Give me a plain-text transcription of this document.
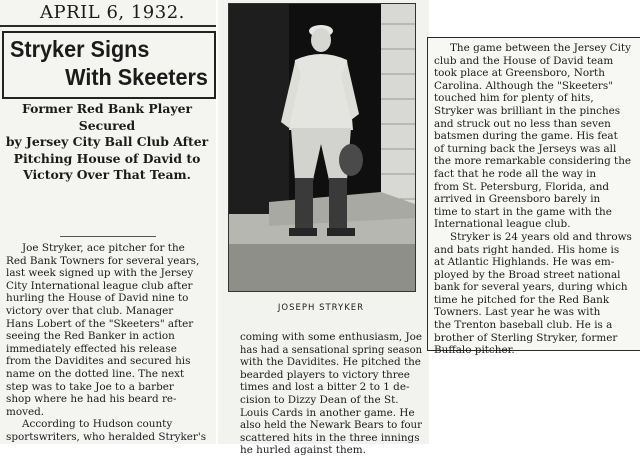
APRIL 6, 1932.
Stryker Signs
With Skeeters
Former Red Bank Player Secured
by Jersey City Ball Club After
Pitching House of David to
Victory Over That Team.
Joe Stryker, ace pitcher for the
Red Bank Towners for several years,
last week signed up with the Jersey
City International league club after
hurling the House of David nine to
victory over that club. Manager
Hans Lobert of the "Skeeters" after
seeing the Red Banker in action
immediately effected his release
from the Davidites and secured his
name on the dotted line. The next
step was to take Joe to a barber
shop where he had his beard re-
moved.
According to Hudson county
sportswriters, who heralded Stryker's
JOSEPH STRYKER
coming with some enthusiasm, Joe
has had a sensational spring season
with the Davidites. He pitched the
bearded players to victory three
times and lost a bitter 2 to 1 de-
cision to Dizzy Dean of the St.
Louis Cards in another game. He
also held the Newark Bears to four
scattered hits in the three innings
he hurled against them.
The game between the Jersey City
club and the House of David team
took place at Greensboro, North
Carolina. Although the "Skeeters"
touched him for plenty of hits,
Stryker was brilliant in the pinches
and struck out no less than seven
batsmen during the game. His feat
of turning back the Jerseys was all
the more remarkable considering the
fact that he rode all the way in
from St. Petersburg, Florida, and
arrived in Greensboro barely in
time to start in the game with the
International league club.
Stryker is 24 years old and throws
and bats right handed. His home is
at Atlantic Highlands. He was em-
ployed by the Broad street national
bank for several years, during which
time he pitched for the Red Bank
Towners. Last year he was with
the Trenton baseball club. He is a
brother of Sterling Stryker, former
Buffalo pitcher.
